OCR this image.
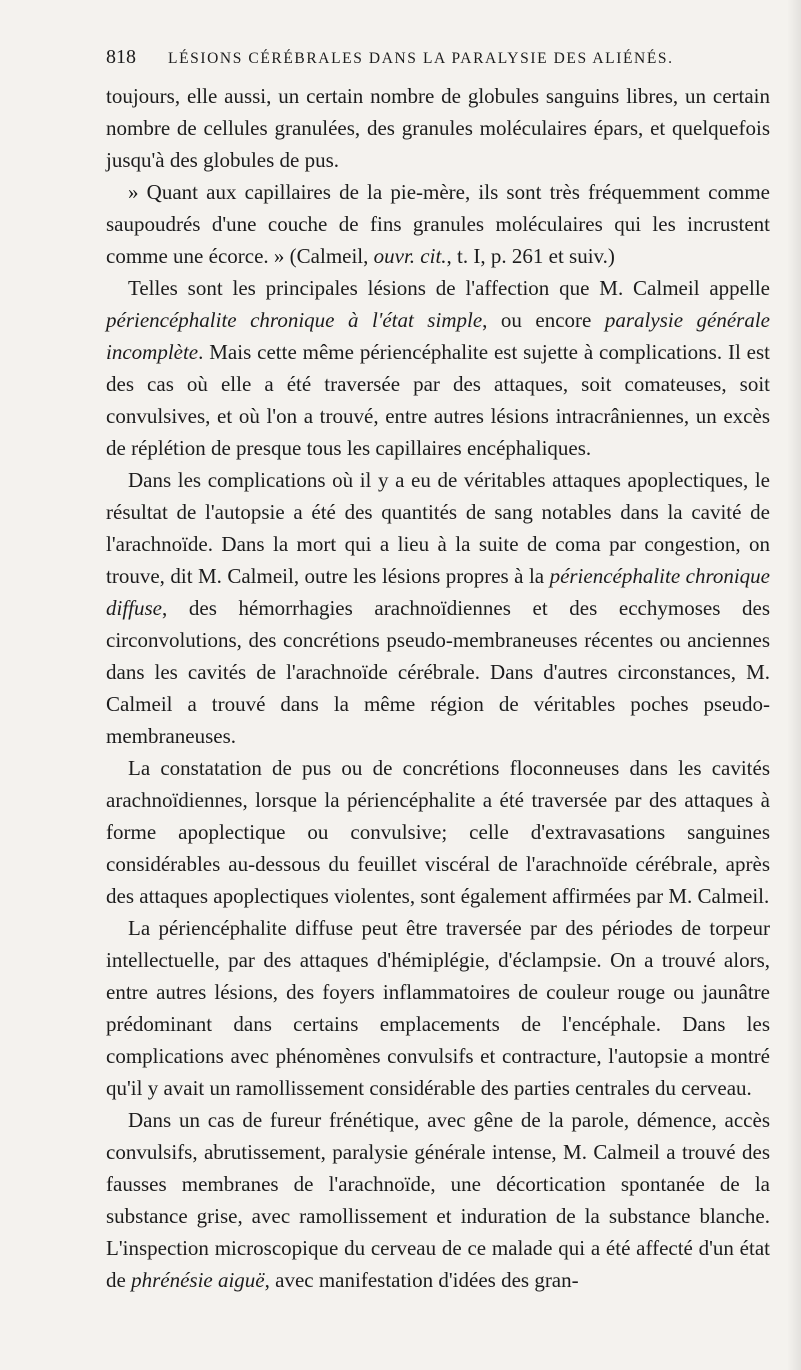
818 LÉSIONS CÉRÉBRALES DANS LA PARALYSIE DES ALIÉNÉS.

toujours, elle aussi, un certain nombre de globules sanguins libres, un certain nombre de cellules granulées, des granules moléculaires épars, et quelquefois jusqu'à des globules de pus.

» Quant aux capillaires de la pie-mère, ils sont très fréquemment comme saupoudrés d'une couche de fins granules moléculaires qui les incrustent comme une écorce. » (Calmeil, ouvr. cit., t. I, p. 261 et suiv.)

Telles sont les principales lésions de l'affection que M. Calmeil appelle périencéphalite chronique à l'état simple, ou encore paralysie générale incomplète. Mais cette même périencéphalite est sujette à complications. Il est des cas où elle a été traversée par des attaques, soit comateuses, soit convulsives, et où l'on a trouvé, entre autres lésions intracrâniennes, un excès de réplétion de presque tous les capillaires encéphaliques.

Dans les complications où il y a eu de véritables attaques apoplectiques, le résultat de l'autopsie a été des quantités de sang notables dans la cavité de l'arachnoïde. Dans la mort qui a lieu à la suite de coma par congestion, on trouve, dit M. Calmeil, outre les lésions propres à la périencéphalite chronique diffuse, des hémorrhagies arachnoïdiennes et des ecchymoses des circonvolutions, des concrétions pseudo-membraneuses récentes ou anciennes dans les cavités de l'arachnoïde cérébrale. Dans d'autres circonstances, M. Calmeil a trouvé dans la même région de véritables poches pseudo-membraneuses.

La constatation de pus ou de concrétions floconneuses dans les cavités arachnoïdiennes, lorsque la périencéphalite a été traversée par des attaques à forme apoplectique ou convulsive; celle d'extravasations sanguines considérables au-dessous du feuillet viscéral de l'arachnoïde cérébrale, après des attaques apoplectiques violentes, sont également affirmées par M. Calmeil.

La périencéphalite diffuse peut être traversée par des périodes de torpeur intellectuelle, par des attaques d'hémiplégie, d'éclampsie. On a trouvé alors, entre autres lésions, des foyers inflammatoires de couleur rouge ou jaunâtre prédominant dans certains emplacements de l'encéphale. Dans les complications avec phénomènes convulsifs et contracture, l'autopsie a montré qu'il y avait un ramollissement considérable des parties centrales du cerveau.

Dans un cas de fureur frénétique, avec gêne de la parole, démence, accès convulsifs, abrutissement, paralysie générale intense, M. Calmeil a trouvé des fausses membranes de l'arachnoïde, une décortication spontanée de la substance grise, avec ramollissement et induration de la substance blanche. L'inspection microscopique du cerveau de ce malade qui a été affecté d'un état de phrénésie aiguë, avec manifestation d'idées des gran-
